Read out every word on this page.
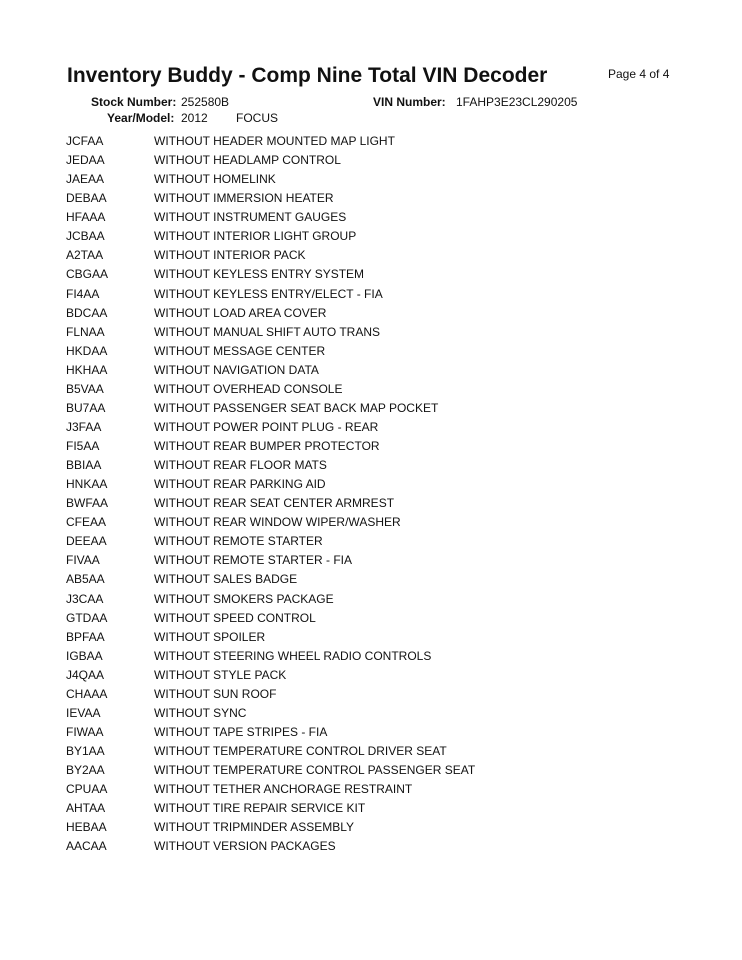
Inventory Buddy - Comp Nine Total VIN Decoder	Page 4 of 4
Stock Number: 252580B	VIN Number: 1FAHP3E23CL290205
Year/Model: 2012 FOCUS
JCFAA	WITHOUT HEADER MOUNTED MAP LIGHT
JEDAA	WITHOUT HEADLAMP CONTROL
JAEAA	WITHOUT HOMELINK
DEBAA	WITHOUT IMMERSION HEATER
HFAAA	WITHOUT INSTRUMENT GAUGES
JCBAA	WITHOUT INTERIOR LIGHT GROUP
A2TAA	WITHOUT INTERIOR PACK
CBGAA	WITHOUT KEYLESS ENTRY SYSTEM
FI4AA	WITHOUT KEYLESS ENTRY/ELECT - FIA
BDCAA	WITHOUT LOAD AREA COVER
FLNAA	WITHOUT MANUAL SHIFT AUTO TRANS
HKDAA	WITHOUT MESSAGE CENTER
HKHAA	WITHOUT NAVIGATION DATA
B5VAA	WITHOUT OVERHEAD CONSOLE
BU7AA	WITHOUT PASSENGER SEAT BACK MAP POCKET
J3FAA	WITHOUT POWER POINT PLUG - REAR
FI5AA	WITHOUT REAR BUMPER PROTECTOR
BBIAA	WITHOUT REAR FLOOR MATS
HNKAA	WITHOUT REAR PARKING AID
BWFAA	WITHOUT REAR SEAT CENTER ARMREST
CFEAA	WITHOUT REAR WINDOW WIPER/WASHER
DEEAA	WITHOUT REMOTE STARTER
FIVAA	WITHOUT REMOTE STARTER - FIA
AB5AA	WITHOUT SALES BADGE
J3CAA	WITHOUT SMOKERS PACKAGE
GTDAA	WITHOUT SPEED CONTROL
BPFAA	WITHOUT SPOILER
IGBAA	WITHOUT STEERING WHEEL RADIO CONTROLS
J4QAA	WITHOUT STYLE PACK
CHAAA	WITHOUT SUN ROOF
IEVAA	WITHOUT SYNC
FIWAA	WITHOUT TAPE STRIPES - FIA
BY1AA	WITHOUT TEMPERATURE CONTROL DRIVER SEAT
BY2AA	WITHOUT TEMPERATURE CONTROL PASSENGER SEAT
CPUAA	WITHOUT TETHER ANCHORAGE RESTRAINT
AHTAA	WITHOUT TIRE REPAIR SERVICE KIT
HEBAA	WITHOUT TRIPMINDER ASSEMBLY
AACAA	WITHOUT VERSION PACKAGES
